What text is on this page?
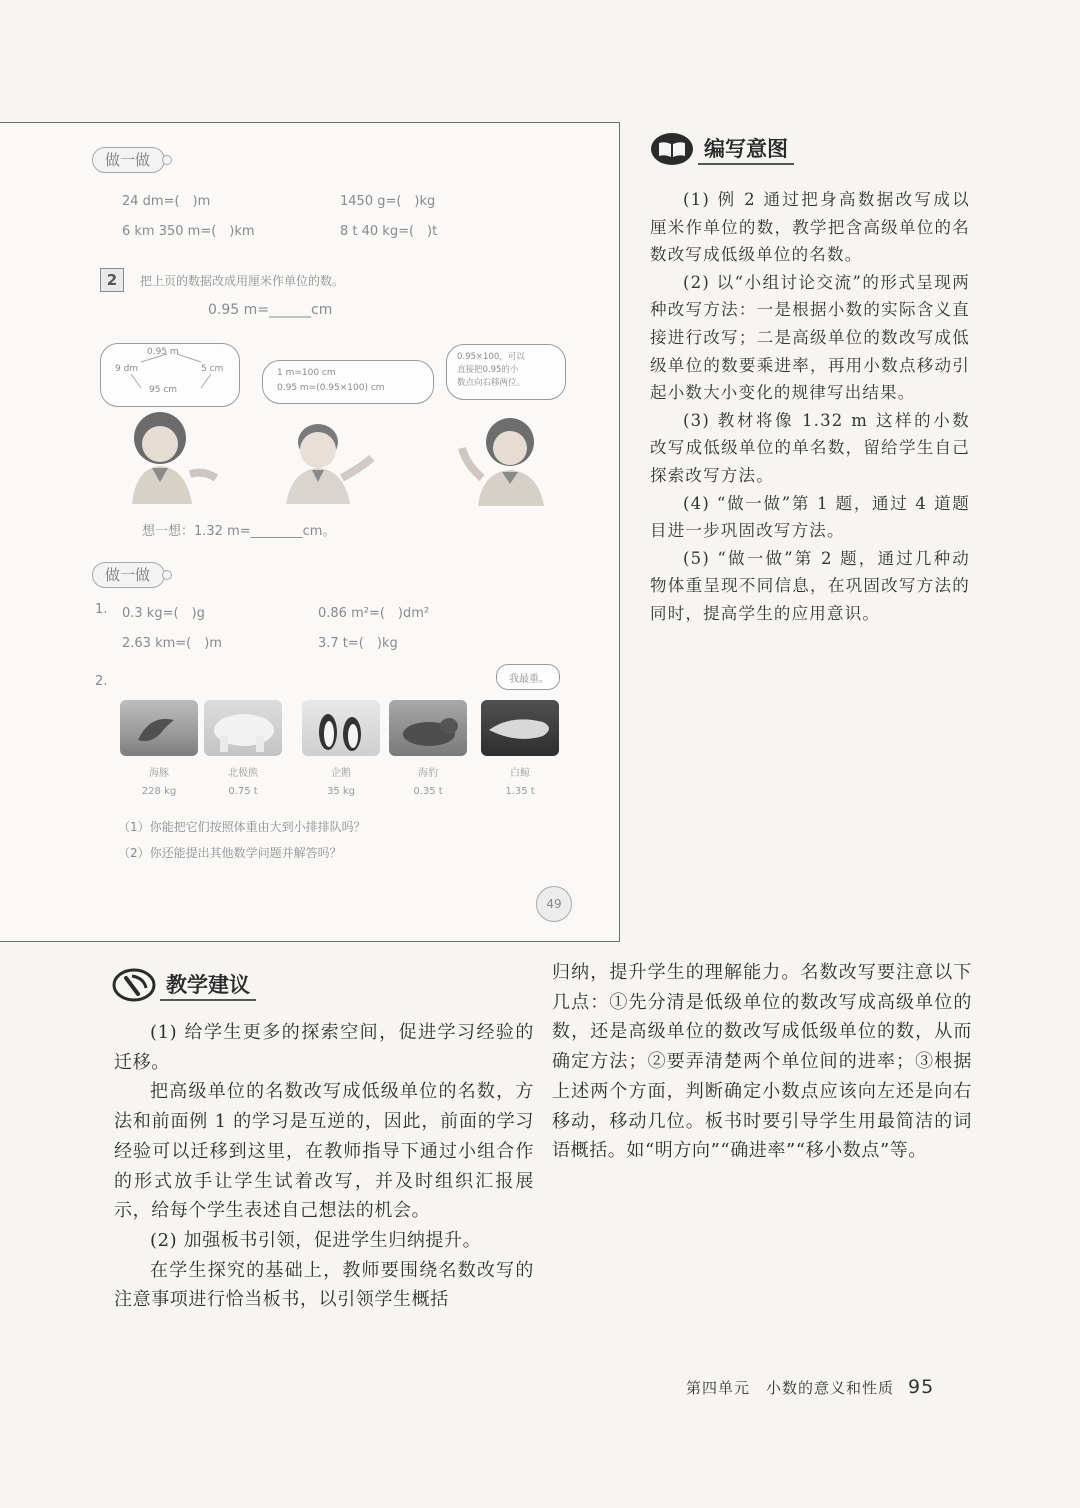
做一做
24 dm=(　)m	1450 g=(　)kg
6 km 350 m=(　)km	8 t 40 kg=(　)t
2	把上页的数据改成用厘米作单位的数。
0.95 m=______cm
0.95 m
9 dm	5 cm
95 cm
1 m=100 cm
0.95 m=(0.95×100) cm
0.95×100，可以
直接把0.95的小
数点向右移两位。
想一想：1.32 m=________cm。
做一做
1. 0.3 kg=(　)g	0.86 m²=(　)dm²
2.63 km=(　)m	3.7 t=(　)kg
2.	我最重。
海豚	北极熊	企鹅	海豹	白鲸
228 kg	0.75 t	35 kg	0.35 t	1.35 t
（1）你能把它们按照体重由大到小排排队吗？
（2）你还能提出其他数学问题并解答吗？
49
编写意图

(1) 例 2 通过把身高数据改写成以厘米作单位的数，教学把含高级单位的名数改写成低级单位的名数。

(2) 以“小组讨论交流”的形式呈现两种改写方法：一是根据小数的实际含义直接进行改写；二是高级单位的数改写成低级单位的数要乘进率，再用小数点移动引起小数大小变化的规律写出结果。

(3) 教材将像 1.32 m 这样的小数改写成低级单位的单名数，留给学生自己探索改写方法。

(4) “做一做”第 1 题，通过 4 道题目进一步巩固改写方法。

(5) “做一做”第 2 题，通过几种动物体重呈现不同信息，在巩固改写方法的同时，提高学生的应用意识。

教学建议

(1) 给学生更多的探索空间，促进学习经验的迁移。

把高级单位的名数改写成低级单位的名数，方法和前面例 1 的学习是互逆的，因此，前面的学习经验可以迁移到这里，在教师指导下通过小组合作的形式放手让学生试着改写，并及时组织汇报展示，给每个学生表述自己想法的机会。

(2) 加强板书引领，促进学生归纳提升。

在学生探究的基础上，教师要围绕名数改写的注意事项进行恰当板书，以引领学生概括

归纳，提升学生的理解能力。名数改写要注意以下几点：①先分清是低级单位的数改写成高级单位的数，还是高级单位的数改写成低级单位的数，从而确定方法；②要弄清楚两个单位间的进率；③根据上述两个方面，判断确定小数点应该向左还是向右移动，移动几位。板书时要引导学生用最简洁的词语概括。如“明方向”“确进率”“移小数点”等。

第四单元　小数的意义和性质 95
